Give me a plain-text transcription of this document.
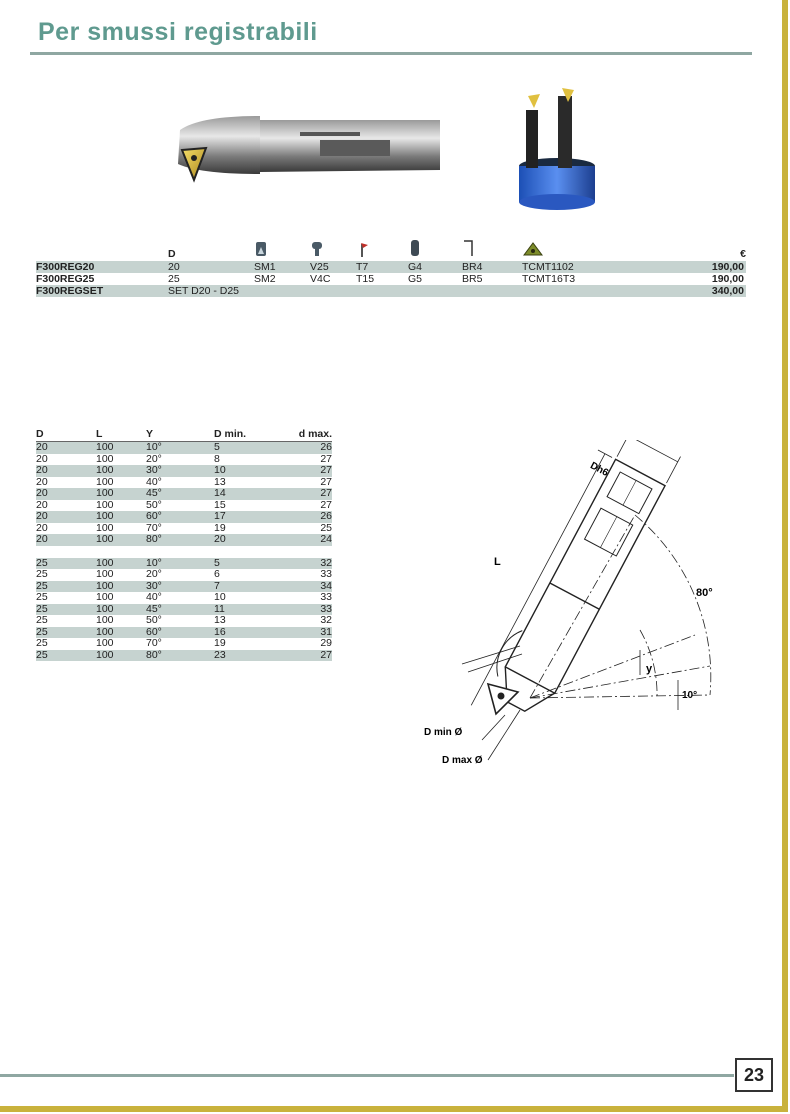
Per smussi registrabili
	D							€
F300REG20	20	SM1	V25	T7	G4	BR4	TCMT1102	190,00
F300REG25	25	SM2	V4C	T15	G5	BR5	TCMT16T3	190,00
F300REGSET	SET D20 - D25							340,00
D	L	Y	D min.	d max.
20	100	10°	5	26
20	100	20°	8	27
20	100	30°	10	27
20	100	40°	13	27
20	100	45°	14	27
20	100	50°	15	27
20	100	60°	17	26
20	100	70°	19	25
20	100	80°	20	24

25	100	10°	5	32
25	100	20°	6	33
25	100	30°	7	34
25	100	40°	10	33
25	100	45°	11	33
25	100	50°	13	32
25	100	60°	16	31
25	100	70°	19	29
25	100	80°	23	27
Dh6
L
80°
y
10°
D min Ø
D max Ø
23
